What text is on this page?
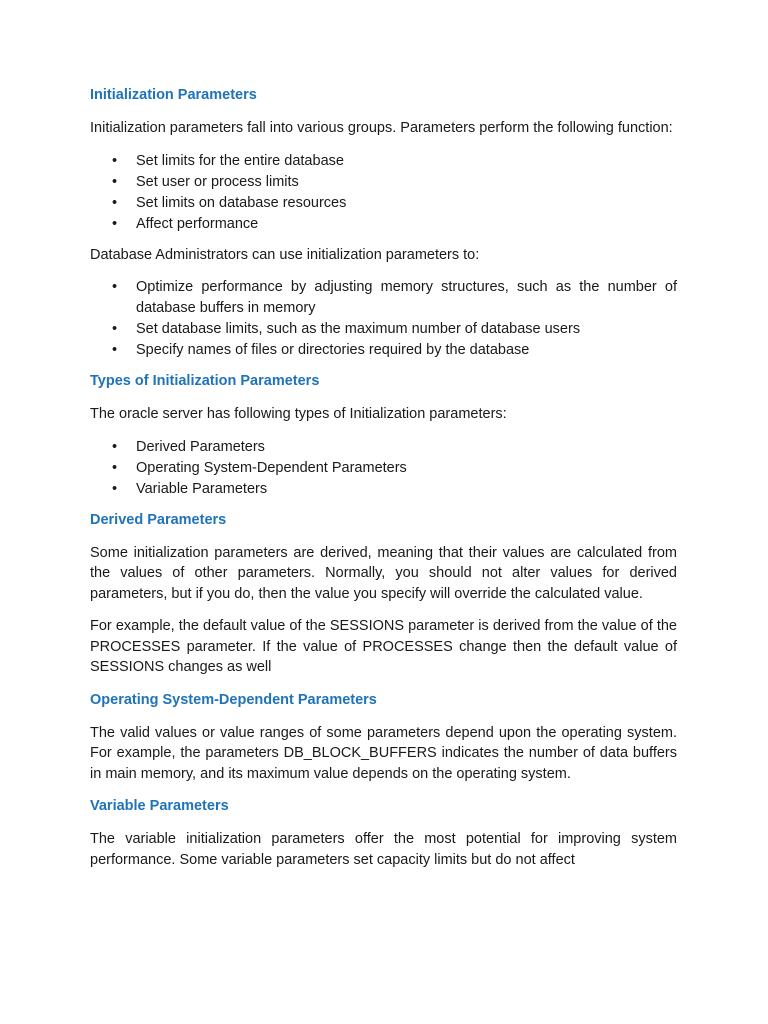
Initialization Parameters

Initialization parameters fall into various groups. Parameters perform the following function:

• Set limits for the entire database
• Set user or process limits
• Set limits on database resources
• Affect performance

Database Administrators can use initialization parameters to:

• Optimize performance by adjusting memory structures, such as the number of database buffers in memory
• Set database limits, such as the maximum number of database users
• Specify names of files or directories required by the database
Types of Initialization Parameters

The oracle server has following types of Initialization parameters:

• Derived Parameters
• Operating System-Dependent Parameters
• Variable Parameters
Derived Parameters

Some initialization parameters are derived, meaning that their values are calculated from the values of other parameters. Normally, you should not alter values for derived parameters, but if you do, then the value you specify will override the calculated value.

For example, the default value of the SESSIONS parameter is derived from the value of the PROCESSES parameter. If the value of PROCESSES change then the default value of SESSIONS changes as well

Operating System-Dependent Parameters

The valid values or value ranges of some parameters depend upon the operating system. For example, the parameters DB_BLOCK_BUFFERS indicates the number of data buffers in main memory, and its maximum value depends on the operating system.

Variable Parameters

The variable initialization parameters offer the most potential for improving system performance. Some variable parameters set capacity limits but do not affect
